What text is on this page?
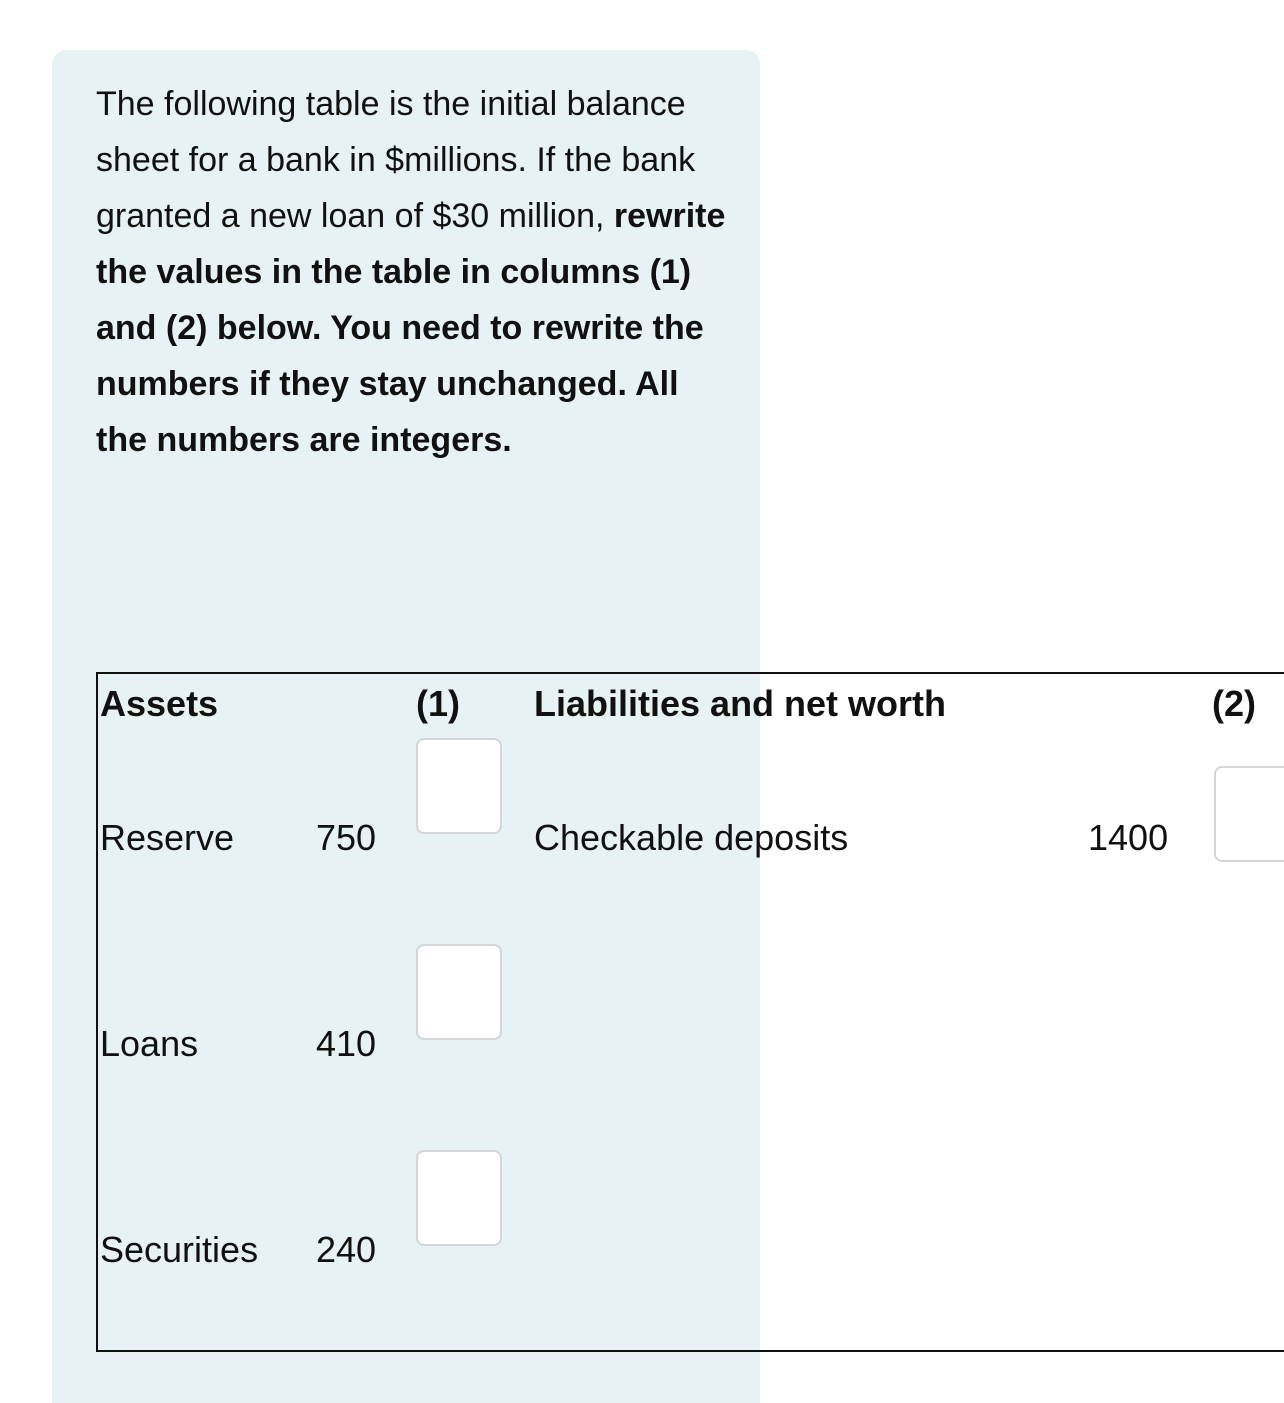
The following table is the initial balance sheet for a bank in $millions. If the bank granted a new loan of $30 million, rewrite the values in the table in columns (1) and (2) below. You need to rewrite the numbers if they stay unchanged. All the numbers are integers.

Assets	(1) Liabilities and net worth	(2)
Reserve 750	Checkable deposits	1400
Loans	410
Securities 240
